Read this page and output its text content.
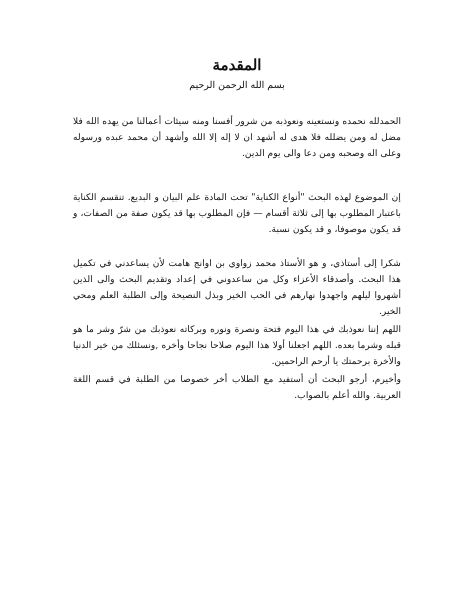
المقدمة
بسم الله الرحمن الرحيم
الحمدلله نحمده ونستعينه ونعوذبه من شرور أفسنا ومنه سيئات أعمالنا من يهده الله فلا مضل له ومن يضلله فلا هدى له أشهد ان لا إله إلا الله وأشهد أن محمد عبده ورسوله وعلى اله وصحبه ومن دعا والى يوم الدين.
إن الموضوع لهذه البحث "أنواع الكناية" تحت المادة علم البيان و البديع. تنقسم الكناية باعتبار المطلوب بها إلى ثلاثة أقسام — فإن المطلوب بها قد يكون صفة من الصفات، و قد يكون موصوفا، و قد يكون نسبة.
شكرا إلى أستاذي، و هو الأستاذ محمد زواوي بن اوانج هامت لأن يساعدني في تكميل هذا البحث. وأصدقاء الأعزاء وكل من ساعدوني في إعداد وتقديم البحث والى الذين أشهروا ليلهم واجهدوا نهارهم في الحب الخير وبذل النصيحة وإلى الطلبة العلم ومحي الخير.
اللهم إننا نعوذبك في هذا اليوم فتحة ونصرة ونوره وبركاته نعوذبك من شرّ وشر ما هو قبله وشرما بعده. اللهم اجعلنا أولا هذا اليوم صلاحا نجاحا وأخره ,ونسئلك من خير الدنيا والأخرة برحمتك يا أرحم الراحمين.
وأخيرم، أرجو البحث أن أستفيد مع الطلاب أخر خصوصا من الطلبة في قسم اللغة العربية. والله أعلم بالصواب.
